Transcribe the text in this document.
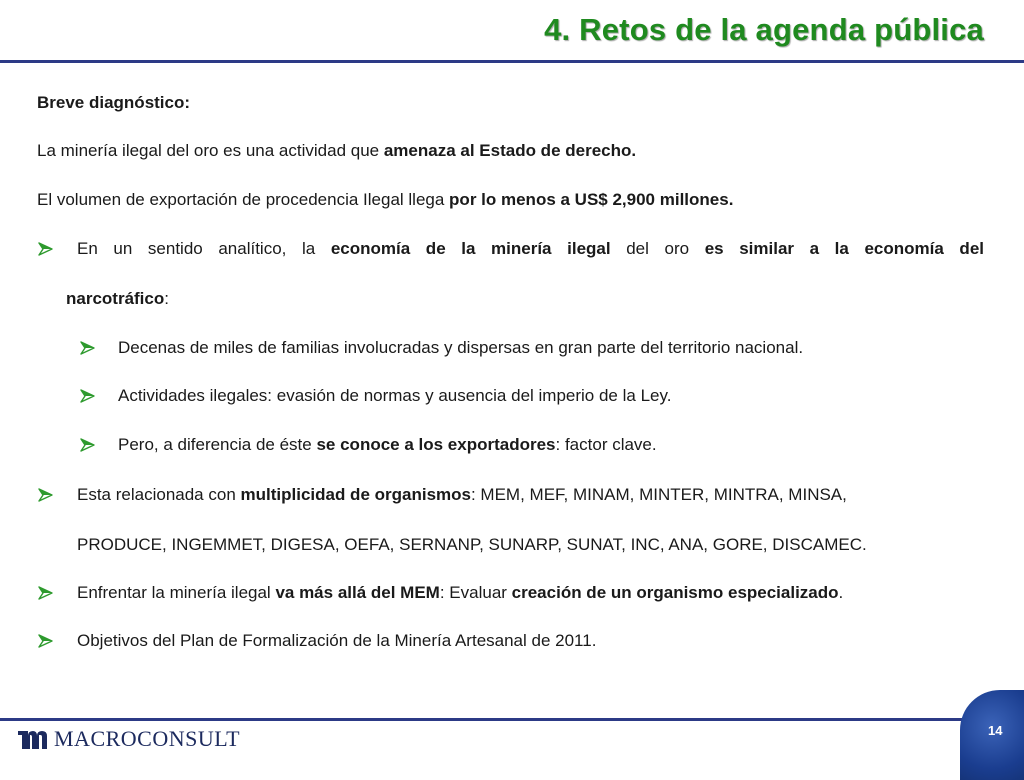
4. Retos de la agenda pública
Breve diagnóstico:
La minería ilegal del oro es una actividad que amenaza al Estado de derecho.
El volumen de exportación de procedencia Ilegal llega por lo menos a US$ 2,900 millones.
En un sentido analítico, la economía de la minería ilegal del oro es similar a la economía del
narcotráfico:
Decenas de miles de familias involucradas y dispersas en gran parte del territorio nacional.
Actividades ilegales: evasión de normas y ausencia del imperio de la Ley.
Pero, a diferencia de éste se conoce a los exportadores: factor clave.
Esta relacionada con multiplicidad de organismos: MEM, MEF, MINAM, MINTER, MINTRA, MINSA,
PRODUCE, INGEMMET, DIGESA, OEFA, SERNANP, SUNARP, SUNAT, INC, ANA, GORE, DISCAMEC.
Enfrentar la minería ilegal va más allá del MEM: Evaluar creación de un organismo especializado.
Objetivos del Plan de Formalización de la Minería Artesanal de 2011.
MACROCONSULT	14
